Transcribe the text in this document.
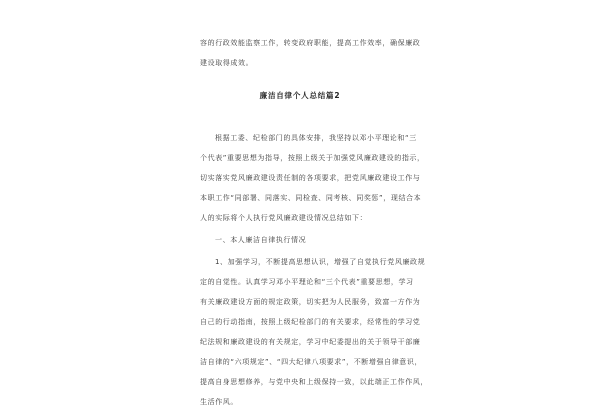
容的行政效能监察工作，转变政府职能，提高工作效率，确保廉政
建设取得成效。
廉洁自律个人总结篇2
根据工委、纪检部门的具体安排，我坚持以邓小平理论和“三
个代表”重要思想为指导，按照上级关于加强党风廉政建设的指示，
切实落实党风廉政建设责任制的各项要求，把党风廉政建设工作与
本职工作“同部署、同落实、同检查、同考核、同奖惩”，现结合本
人的实际将个人执行党风廉政建设情况总结如下：
一、本人廉洁自律执行情况
1、加强学习，不断提高思想认识，增强了自觉执行党风廉政规
定的自觉性。认真学习邓小平理论和“三个代表”重要思想，学习
有关廉政建设方面的规定政策，切实把为人民服务，致富一方作为
自己的行动指南，按照上级纪检部门的有关要求，经常性的学习党
纪法规和廉政建设的有关规定，学习中纪委提出的关于领导干部廉
洁自律的“六项规定”、“四大纪律八项要求”，不断增强自律意识，
提高自身思想修养，与党中央和上级保持一致，以此端正工作作风，
生活作风。
